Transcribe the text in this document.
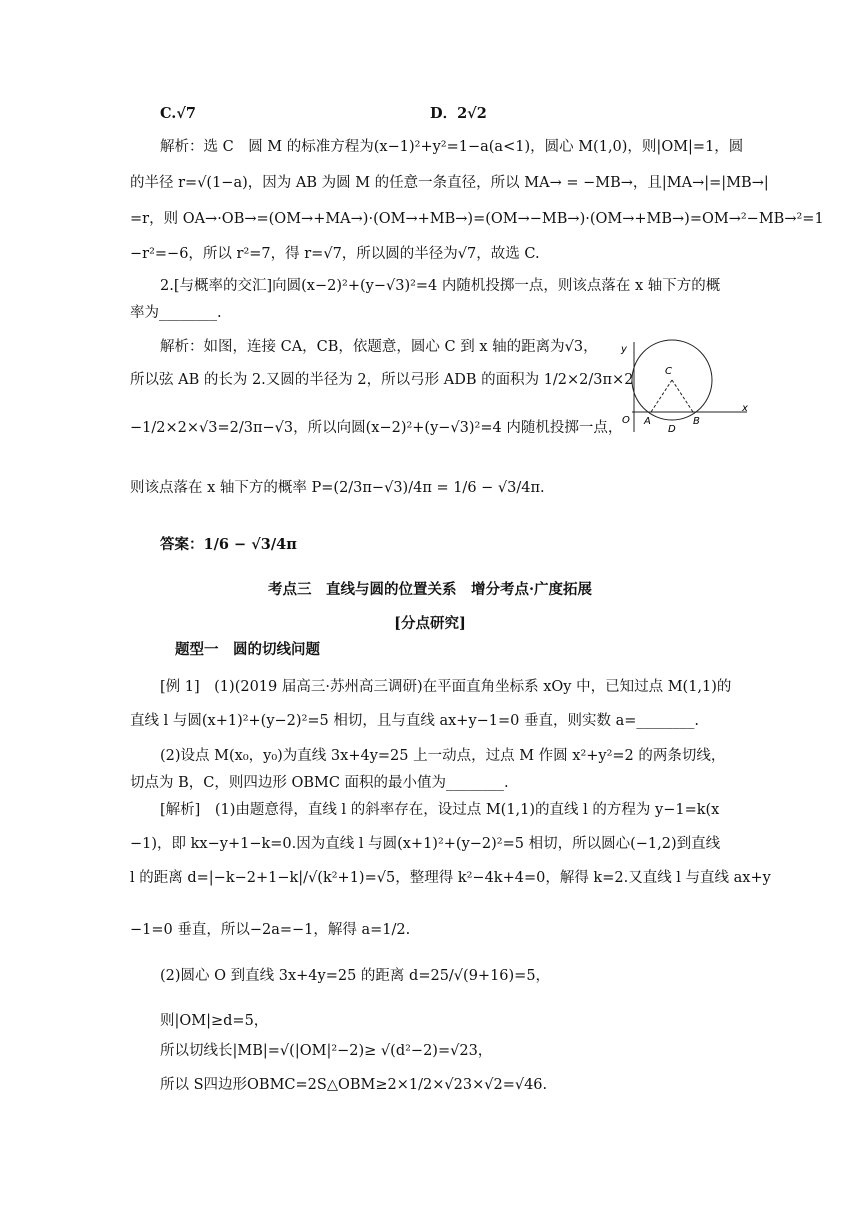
C.√7	D．2√2
解析：选 C　圆 M 的标准方程为(x−1)²+y²=1−a(a<1)，圆心 M(1,0)，则|OM|=1，圆
的半径 r=√(1−a)，因为 AB 为圆 M 的任意一条直径，所以 MA→ = −MB→，且|MA→|=|MB→|
=r，则 OA→·OB→=(OM→+MA→)·(OM→+MB→)=(OM→−MB→)·(OM→+MB→)=OM→²−MB→²=1
−r²=−6，所以 r²=7，得 r=√7，所以圆的半径为√7，故选 C.
2.[与概率的交汇]向圆(x−2)²+(y−√3)²=4 内随机投掷一点，则该点落在 x 轴下方的概
率为________.
解析：如图，连接 CA，CB，依题意，圆心 C 到 x 轴的距离为√3，
所以弦 AB 的长为 2.又圆的半径为 2，所以弓形 ADB 的面积为 1/2×2/3π×2
−1/2×2×√3=2/3π−√3，所以向圆(x−2)²+(y−√3)²=4 内随机投掷一点，
则该点落在 x 轴下方的概率 P=(2/3π−√3)/4π = 1/6 − √3/4π.
答案：1/6 − √3/4π
y
C
O A	B
D
x
考点三　直线与圆的位置关系　增分考点·广度拓展
[分点研究]
题型一　圆的切线问题
[例 1]　(1)(2019 届高三·苏州高三调研)在平面直角坐标系 xOy 中，已知过点 M(1,1)的
直线 l 与圆(x+1)²+(y−2)²=5 相切，且与直线 ax+y−1=0 垂直，则实数 a=________.
(2)设点 M(x₀，y₀)为直线 3x+4y=25 上一动点，过点 M 作圆 x²+y²=2 的两条切线，
切点为 B，C，则四边形 OBMC 面积的最小值为________.
[解析]　(1)由题意得，直线 l 的斜率存在，设过点 M(1,1)的直线 l 的方程为 y−1=k(x
−1)，即 kx−y+1−k=0.因为直线 l 与圆(x+1)²+(y−2)²=5 相切，所以圆心(−1,2)到直线
l 的距离 d=|−k−2+1−k|/√(k²+1)=√5，整理得 k²−4k+4=0，解得 k=2.又直线 l 与直线 ax+y
−1=0 垂直，所以−2a=−1，解得 a=1/2.
(2)圆心 O 到直线 3x+4y=25 的距离 d=25/√(9+16)=5，
则|OM|≥d=5，
所以切线长|MB|=√(|OM|²−2)≥ √(d²−2)=√23，
所以 S四边形OBMC=2S△OBM≥2×1/2×√23×√2=√46.
